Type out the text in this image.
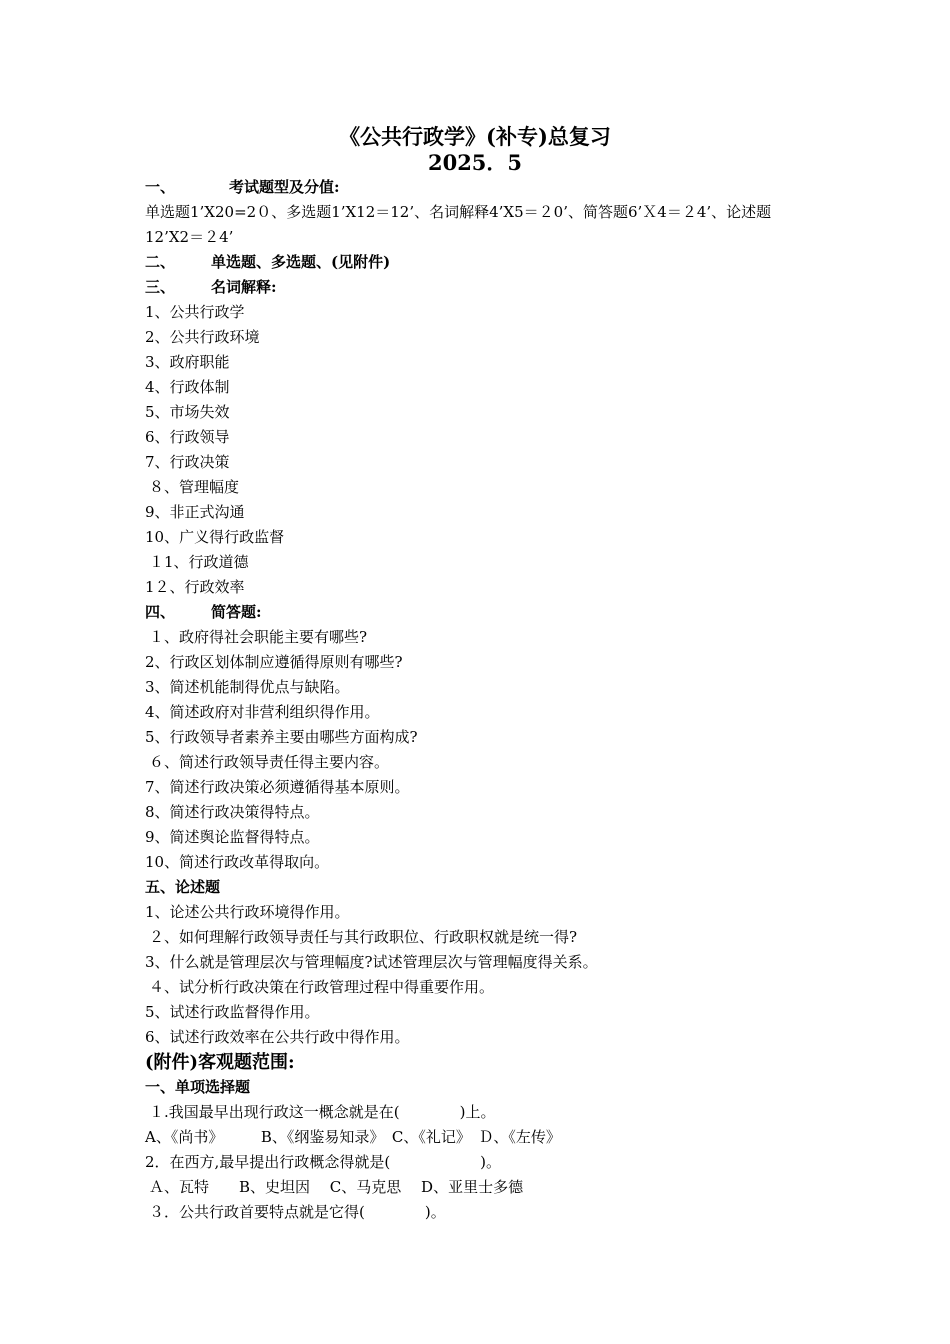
《公共行政学》(补专)总复习
2025．5
一、	考试题型及分值:
单选题1’X20=2０、多选题1’X12＝12’、名词解释4’X5＝２0’、简答题6’Ｘ4＝２4’、论述题12’X2＝２4’
二、 单选题、多选题、(见附件)
三、 名词解释:
1、公共行政学
2、公共行政环境
3、政府职能
4、行政体制
5、市场失效
6、行政领导
7、行政决策
８、管理幅度
9、非正式沟通
10、广义得行政监督
１1、行政道德
1２、行政效率
四、 简答题:
１、政府得社会职能主要有哪些?
2、行政区划体制应遵循得原则有哪些?
3、简述机能制得优点与缺陷。
4、简述政府对非营利组织得作用。
5、行政领导者素养主要由哪些方面构成?
６、简述行政领导责任得主要内容。
7、简述行政决策必须遵循得基本原则。
8、简述行政决策得特点。
9、简述舆论监督得特点。
10、简述行政改革得取向。
五、论述题
1、论述公共行政环境得作用。
２、如何理解行政领导责任与其行政职位、行政职权就是统一得?
3、什么就是管理层次与管理幅度?试述管理层次与管理幅度得关系。
４、试分析行政决策在行政管理过程中得重要作用。
5、试述行政监督得作用。
6、试述行政效率在公共行政中得作用。
(附件)客观题范围:
一、单项选择题
１.我国最早出现行政这一概念就是在(　　　　)上。
A、《尚书》　　　B、《纲鉴易知录》　C、《礼记》　Ｄ、《左传》
2．在西方,最早提出行政概念得就是(　　　　　　)。
Ａ、瓦特　　B、史坦因　 C、马克思　 D、亚里士多德
３．公共行政首要特点就是它得(　　　　)。
